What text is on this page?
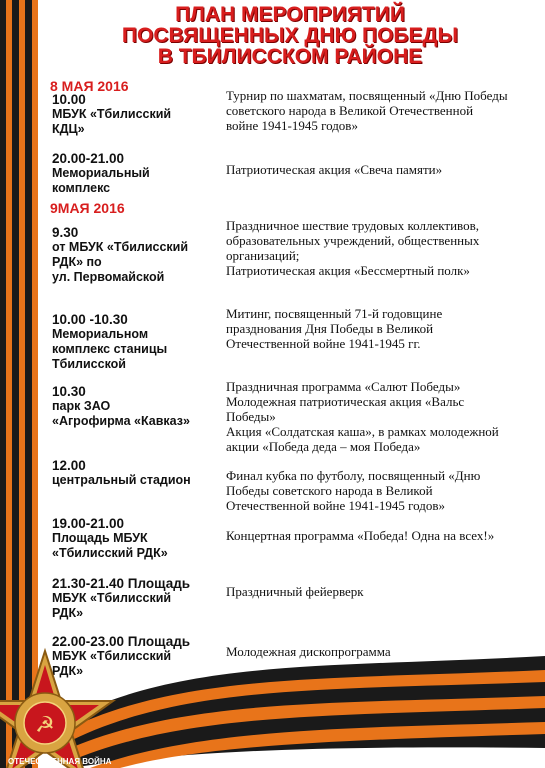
ПЛАН МЕРОПРИЯТИЙ
ПОСВЯЩЕННЫХ ДНЮ ПОБЕДЫ
В ТБИЛИССКОМ РАЙОНЕ
8 МАЯ 2016
10.00
МБУК «Тбилисский
КДЦ»
Турнир по шахматам, посвященный «Дню Победы
советского народа в Великой Отечественной
войне 1941-1945 годов»
20.00-21.00
Мемориальный
комплекс
Патриотическая акция «Свеча памяти»
9МАЯ 2016
9.30
от МБУК «Тбилисский
РДК» по
ул. Первомайской
Праздничное шествие трудовых коллективов,
образовательных учреждений, общественных
организаций;
Патриотическая акция «Бессмертный полк»
10.00 -10.30
Мемориальном
комплекс станицы
Тбилисской
Митинг, посвященный 71-й годовщине
празднования Дня Победы в Великой
Отечественной войне 1941-1945 гг.
10.30
парк ЗАО
«Агрофирма «Кавказ»
Праздничная программа «Салют Победы»
Молодежная патриотическая акция «Вальс
Победы»
Акция «Солдатская каша», в рамках молодежной
акции «Победа деда – моя Победа»
12.00
центральный стадион	Финал кубка по футболу, посвященный «Дню
Победы советского народа в Великой
Отечественной войне 1941-1945 годов»
19.00-21.00
Площадь МБУК
«Тбилисский РДК»
Концертная программа «Победа! Одна на всех!»
21.30-21.40 Площадь
МБУК «Тбилисский
РДК»
Праздничный фейерверк
22.00-23.00 Площадь
МБУК «Тбилисский
РДК»
Молодежная дископрограмма
☭
ОТЕЧЕСТВЕННАЯ ВОЙНА
